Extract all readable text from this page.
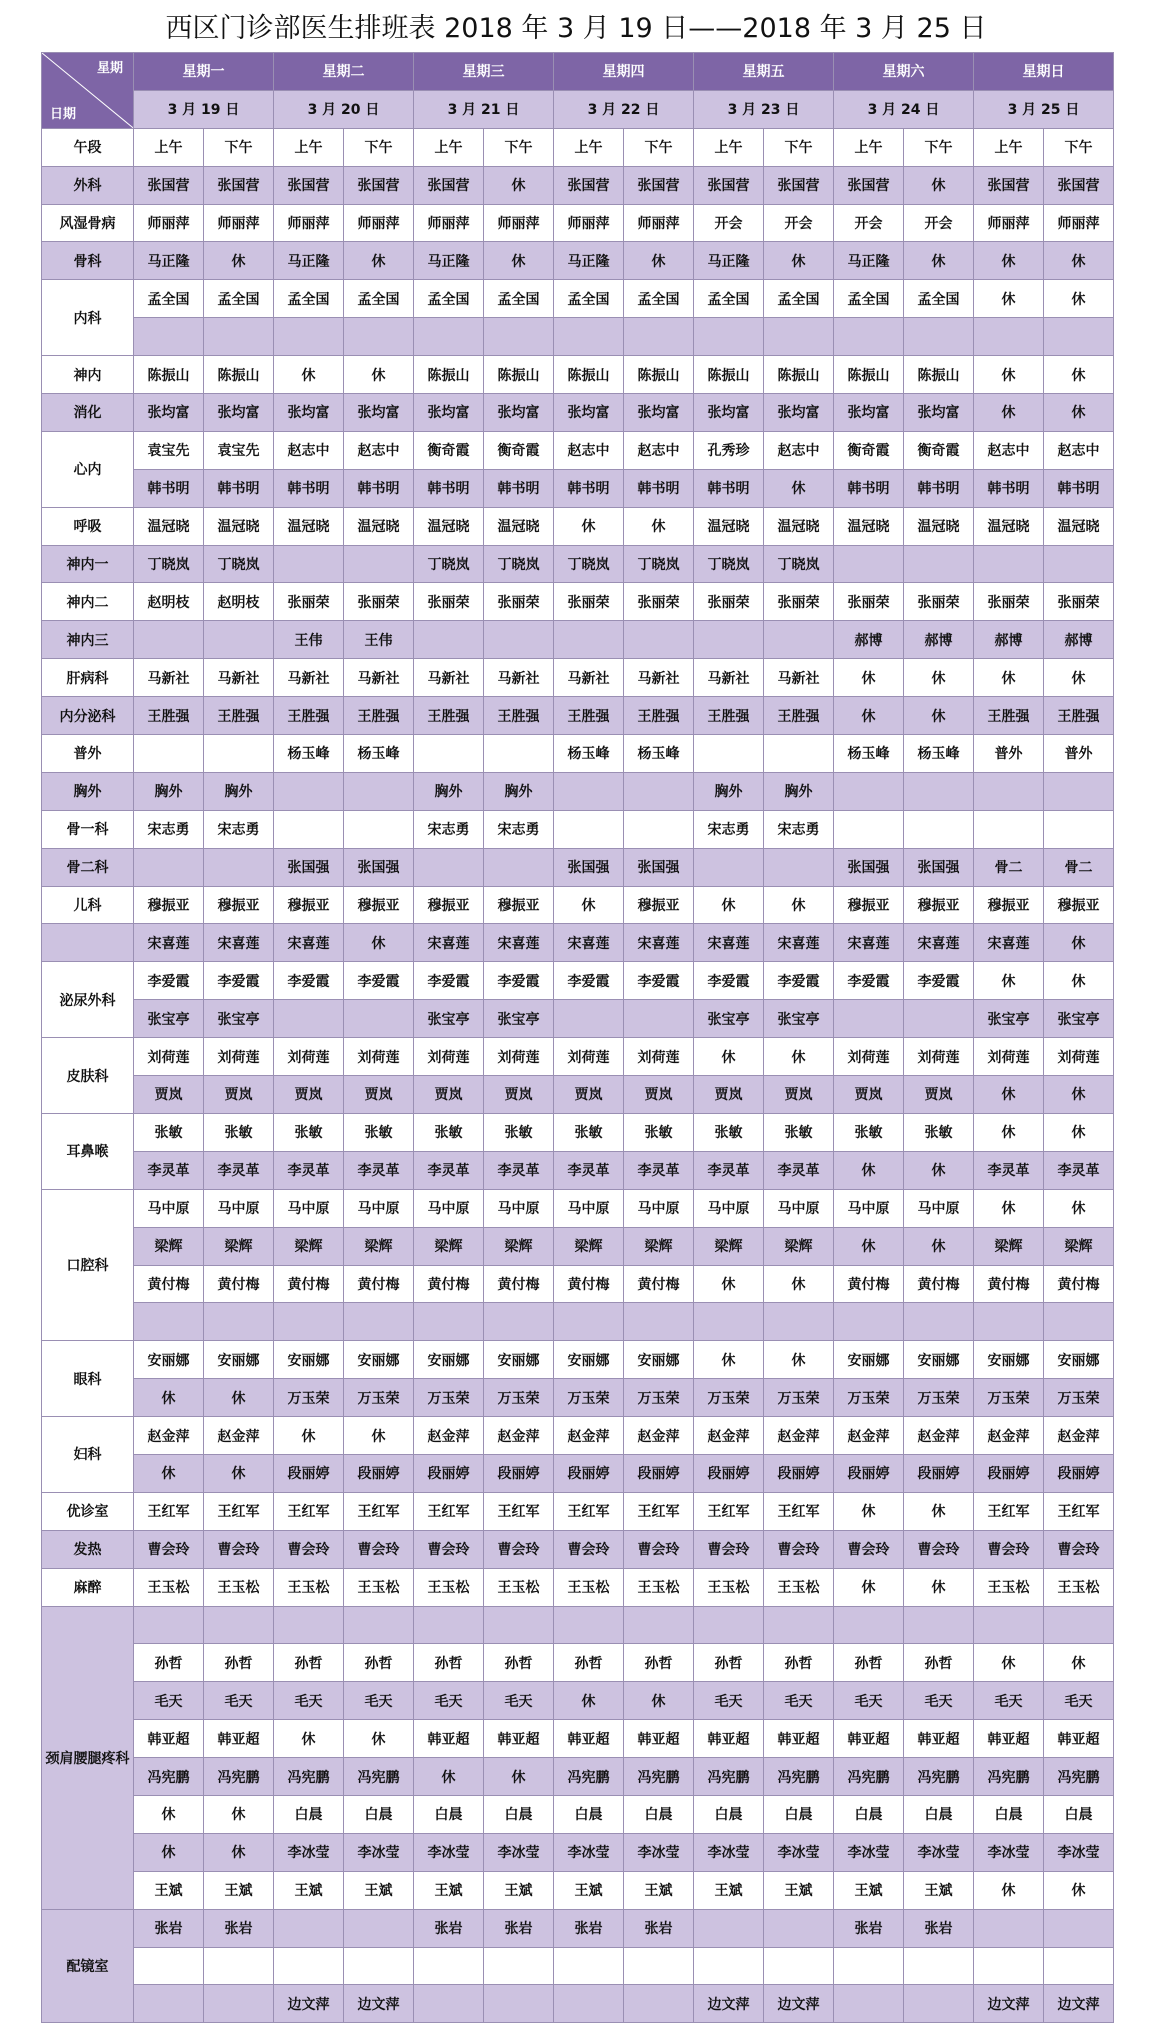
西区门诊部医生排班表 2018 年 3 月 19 日——2018 年 3 月 25 日
星期
日期	星期一		星期二		星期三		星期四		星期五		星期六		星期日	
	3 月 19 日		3 月 20 日		3 月 21 日		3 月 22 日		3 月 23 日		3 月 24 日		3 月 25 日	
午段	上午	下午	上午	下午	上午	下午	上午	下午	上午	下午	上午	下午	上午	下午
外科	张国营	张国营	张国营	张国营	张国营	休	张国营	张国营	张国营	张国营	张国营	休	张国营	张国营
风湿骨病	师丽萍	师丽萍	师丽萍	师丽萍	师丽萍	师丽萍	师丽萍	师丽萍	开会	开会	开会	开会	师丽萍	师丽萍
骨科	马正隆	休	马正隆	休	马正隆	休	马正隆	休	马正隆	休	马正隆	休	休	休
内科	孟全国	孟全国	孟全国	孟全国	孟全国	孟全国	孟全国	孟全国	孟全国	孟全国	孟全国	孟全国	休	休

神内	陈振山	陈振山	休	休	陈振山	陈振山	陈振山	陈振山	陈振山	陈振山	陈振山	陈振山	休	休
消化	张均富	张均富	张均富	张均富	张均富	张均富	张均富	张均富	张均富	张均富	张均富	张均富	休	休
心内	袁宝先	袁宝先	赵志中	赵志中	衡奇霞	衡奇霞	赵志中	赵志中	孔秀珍	赵志中	衡奇霞	衡奇霞	赵志中	赵志中
	韩书明	韩书明	韩书明	韩书明	韩书明	韩书明	韩书明	韩书明	韩书明	休	韩书明	韩书明	韩书明	韩书明
呼吸	温冠晓	温冠晓	温冠晓	温冠晓	温冠晓	温冠晓	休	休	温冠晓	温冠晓	温冠晓	温冠晓	温冠晓	温冠晓
神内一	丁晓岚	丁晓岚			丁晓岚	丁晓岚	丁晓岚	丁晓岚	丁晓岚	丁晓岚				
神内二	赵明枝	赵明枝	张丽荣	张丽荣	张丽荣	张丽荣	张丽荣	张丽荣	张丽荣	张丽荣	张丽荣	张丽荣	张丽荣	张丽荣
神内三			王伟	王伟							郝博	郝博	郝博	郝博
肝病科	马新社	马新社	马新社	马新社	马新社	马新社	马新社	马新社	马新社	马新社	休	休	休	休
内分泌科	王胜强	王胜强	王胜强	王胜强	王胜强	王胜强	王胜强	王胜强	王胜强	王胜强	休	休	王胜强	王胜强
普外			杨玉峰	杨玉峰			杨玉峰	杨玉峰			杨玉峰	杨玉峰	普外	普外
胸外	胸外	胸外			胸外	胸外			胸外	胸外				
骨一科	宋志勇	宋志勇			宋志勇	宋志勇			宋志勇	宋志勇				
骨二科			张国强	张国强			张国强	张国强			张国强	张国强	骨二	骨二
儿科	穆振亚	穆振亚	穆振亚	穆振亚	穆振亚	穆振亚	休	穆振亚	休	休	穆振亚	穆振亚	穆振亚	穆振亚
	宋喜莲	宋喜莲	宋喜莲	休	宋喜莲	宋喜莲	宋喜莲	宋喜莲	宋喜莲	宋喜莲	宋喜莲	宋喜莲	宋喜莲	休
泌尿外科	李爱霞	李爱霞	李爱霞	李爱霞	李爱霞	李爱霞	李爱霞	李爱霞	李爱霞	李爱霞	李爱霞	李爱霞	休	休
	张宝亭	张宝亭			张宝亭	张宝亭			张宝亭	张宝亭			张宝亭	张宝亭
皮肤科	刘荷莲	刘荷莲	刘荷莲	刘荷莲	刘荷莲	刘荷莲	刘荷莲	刘荷莲	休	休	刘荷莲	刘荷莲	刘荷莲	刘荷莲
	贾岚	贾岚	贾岚	贾岚	贾岚	贾岚	贾岚	贾岚	贾岚	贾岚	贾岚	贾岚	休	休
耳鼻喉	张敏	张敏	张敏	张敏	张敏	张敏	张敏	张敏	张敏	张敏	张敏	张敏	休	休
	李灵革	李灵革	李灵革	李灵革	李灵革	李灵革	李灵革	李灵革	李灵革	李灵革	休	休	李灵革	李灵革
口腔科	马中原	马中原	马中原	马中原	马中原	马中原	马中原	马中原	马中原	马中原	马中原	马中原	休	休
	梁辉	梁辉	梁辉	梁辉	梁辉	梁辉	梁辉	梁辉	梁辉	梁辉	休	休	梁辉	梁辉
	黄付梅	黄付梅	黄付梅	黄付梅	黄付梅	黄付梅	黄付梅	黄付梅	休	休	黄付梅	黄付梅	黄付梅	黄付梅

眼科	安丽娜	安丽娜	安丽娜	安丽娜	安丽娜	安丽娜	安丽娜	安丽娜	休	休	安丽娜	安丽娜	安丽娜	安丽娜
	休	休	万玉荣	万玉荣	万玉荣	万玉荣	万玉荣	万玉荣	万玉荣	万玉荣	万玉荣	万玉荣	万玉荣	万玉荣
妇科	赵金萍	赵金萍	休	休	赵金萍	赵金萍	赵金萍	赵金萍	赵金萍	赵金萍	赵金萍	赵金萍	赵金萍	赵金萍
	休	休	段丽婷	段丽婷	段丽婷	段丽婷	段丽婷	段丽婷	段丽婷	段丽婷	段丽婷	段丽婷	段丽婷	段丽婷
优诊室	王红军	王红军	王红军	王红军	王红军	王红军	王红军	王红军	王红军	王红军	休	休	王红军	王红军
发热	曹会玲	曹会玲	曹会玲	曹会玲	曹会玲	曹会玲	曹会玲	曹会玲	曹会玲	曹会玲	曹会玲	曹会玲	曹会玲	曹会玲
麻醉	王玉松	王玉松	王玉松	王玉松	王玉松	王玉松	王玉松	王玉松	王玉松	王玉松	休	休	王玉松	王玉松
颈肩腰腿疼科														
	孙哲	孙哲	孙哲	孙哲	孙哲	孙哲	孙哲	孙哲	孙哲	孙哲	孙哲	孙哲	休	休
	毛天	毛天	毛天	毛天	毛天	毛天	休	休	毛天	毛天	毛天	毛天	毛天	毛天
	韩亚超	韩亚超	休	休	韩亚超	韩亚超	韩亚超	韩亚超	韩亚超	韩亚超	韩亚超	韩亚超	韩亚超	韩亚超
	冯宪鹏	冯宪鹏	冯宪鹏	冯宪鹏	休	休	冯宪鹏	冯宪鹏	冯宪鹏	冯宪鹏	冯宪鹏	冯宪鹏	冯宪鹏	冯宪鹏
	休	休	白晨	白晨	白晨	白晨	白晨	白晨	白晨	白晨	白晨	白晨	白晨	白晨
	休	休	李冰莹	李冰莹	李冰莹	李冰莹	李冰莹	李冰莹	李冰莹	李冰莹	李冰莹	李冰莹	李冰莹	李冰莹
	王斌	王斌	王斌	王斌	王斌	王斌	王斌	王斌	王斌	王斌	王斌	王斌	休	休
配镜室	张岩	张岩			张岩	张岩	张岩	张岩			张岩	张岩		

			边文萍	边文萍					边文萍	边文萍			边文萍	边文萍
